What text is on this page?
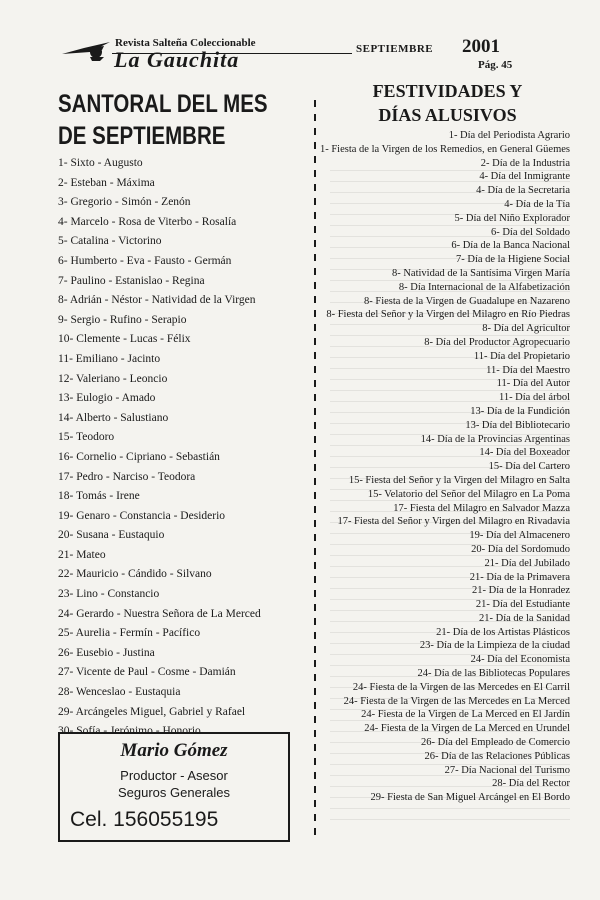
Revista Salteña Coleccionable
La Gauchita	SEPTIEMBRE 2001
Pág. 45
SANTORAL DEL MES
DE SEPTIEMBRE
1- Sixto - Augusto
2- Esteban - Máxima
3- Gregorio - Simón - Zenón
4- Marcelo - Rosa de Viterbo - Rosalía
5- Catalina - Victorino
6- Humberto - Eva - Fausto - Germán
7- Paulino - Estanislao - Regina
8- Adrián - Néstor - Natividad de la Virgen
9- Sergio - Rufino - Serapio
10- Clemente - Lucas - Félix
11- Emiliano - Jacinto
12- Valeriano - Leoncio
13- Eulogio - Amado
14- Alberto - Salustiano
15- Teodoro
16- Cornelio - Cipriano - Sebastián
17- Pedro - Narciso - Teodora
18- Tomás - Irene
19- Genaro - Constancia - Desiderio
20- Susana - Eustaquio
21- Mateo
22- Mauricio - Cándido - Silvano
23- Lino - Constancio
24- Gerardo - Nuestra Señora de La Merced
25- Aurelia - Fermín - Pacífico
26- Eusebio - Justina
27- Vicente de Paul - Cosme - Damián
28- Wenceslao - Eustaquia
29- Arcángeles Miguel, Gabriel y Rafael
30- Sofía - Jerónimo - Honorio
Mario Gómez
Productor - Asesor
Seguros Generales
Cel. 156055195
FESTIVIDADES Y
DÍAS ALUSIVOS
1- Día del Periodista Agrario
1- Fiesta de la Virgen de los Remedios, en General Güemes
2- Día de la Industria
4- Día del Inmigrante
4- Día de la Secretaria
4- Día de la Tía
5- Día del Niño Explorador
6- Día del Soldado
6- Día de la Banca Nacional
7- Día de la Higiene Social
8- Natividad de la Santísima Virgen María
8- Día Internacional de la Alfabetización
8- Fiesta de la Virgen de Guadalupe en Nazareno
8- Fiesta del Señor y la Virgen del Milagro en Río Piedras
8- Día del Agricultor
8- Día del Productor Agropecuario
11- Día del Propietario
11- Día del Maestro
11- Día del Autor
11- Día del árbol
13- Día de la Fundición
13- Día del Bibliotecario
14- Día de la Provincias Argentinas
14- Día del Boxeador
15- Día del Cartero
15- Fiesta del Señor y la Virgen del Milagro en Salta
15- Velatorio del Señor del Milagro en La Poma
17- Fiesta del Milagro en Salvador Mazza
17- Fiesta del Señor y Virgen del Milagro en Rivadavia
19- Día del Almacenero
20- Día del Sordomudo
21- Día del Jubilado
21- Día de la Primavera
21- Día de la Honradez
21- Día del Estudiante
21- Día de la Sanidad
21- Día de los Artistas Plásticos
23- Día de la Limpieza de la ciudad
24- Día del Economista
24- Día de las Bibliotecas Populares
24- Fiesta de la Virgen de las Mercedes en El Carril
24- Fiesta de la Virgen de las Mercedes en La Merced
24- Fiesta de la Virgen de La Merced en El Jardín
24- Fiesta de la Virgen de La Merced en Urundel
26- Día del Empleado de Comercio
26- Día de las Relaciones Públicas
27- Día Nacional del Turismo
28- Día del Rector
29- Fiesta de San Miguel Arcángel en El Bordo
